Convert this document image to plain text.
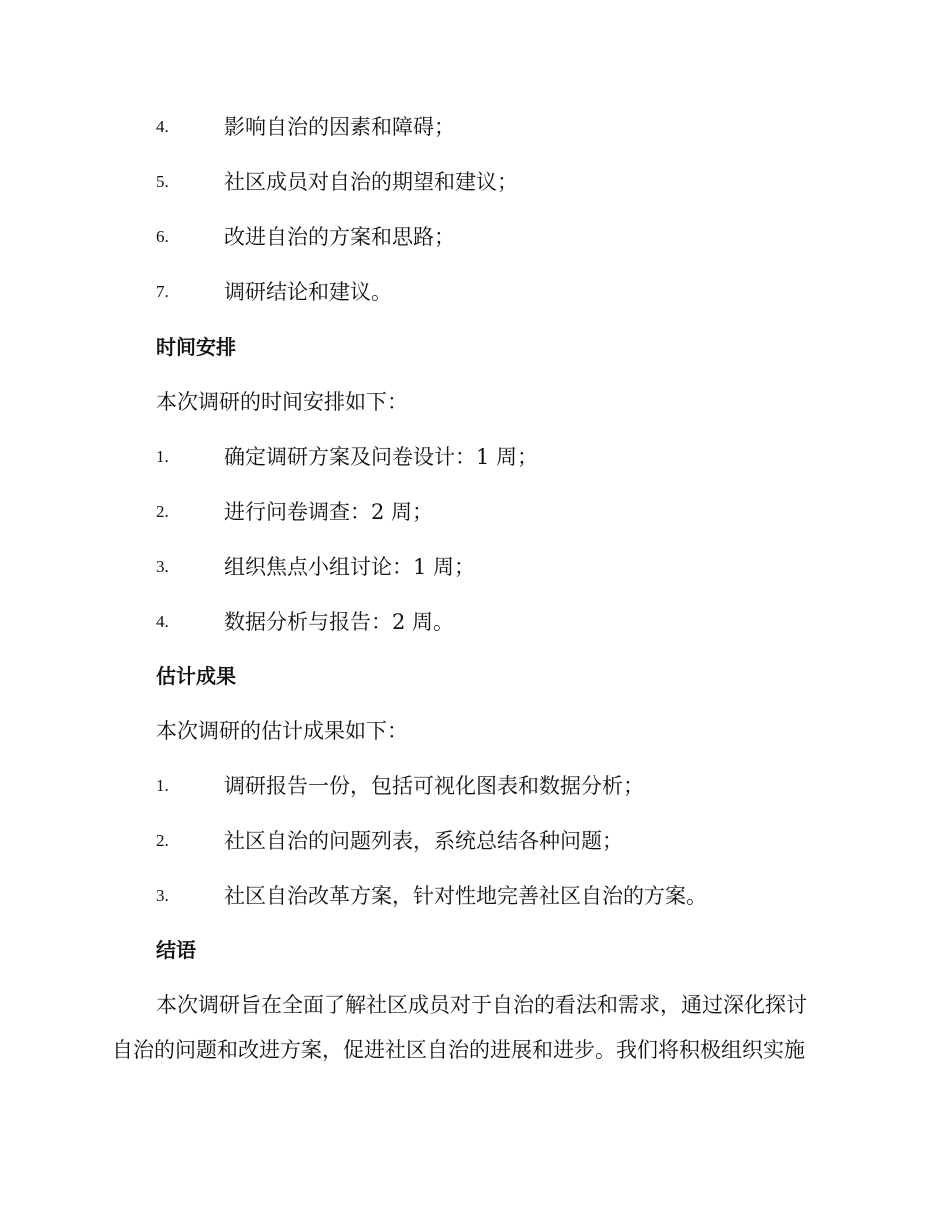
4.	影响自治的因素和障碍；
5.	社区成员对自治的期望和建议；
6.	改进自治的方案和思路；
7.	调研结论和建议。
时间安排
本次调研的时间安排如下：
1.	确定调研方案及问卷设计：1 周；
2.	进行问卷调查：2 周；
3.	组织焦点小组讨论：1 周；
4.	数据分析与报告：2 周。
估计成果
本次调研的估计成果如下：
1.	调研报告一份，包括可视化图表和数据分析；
2.	社区自治的问题列表，系统总结各种问题；
3.	社区自治改革方案，针对性地完善社区自治的方案。
结语
本次调研旨在全面了解社区成员对于自治的看法和需求，通过深化探讨
自治的问题和改进方案，促进社区自治的进展和进步。我们将积极组织实施
